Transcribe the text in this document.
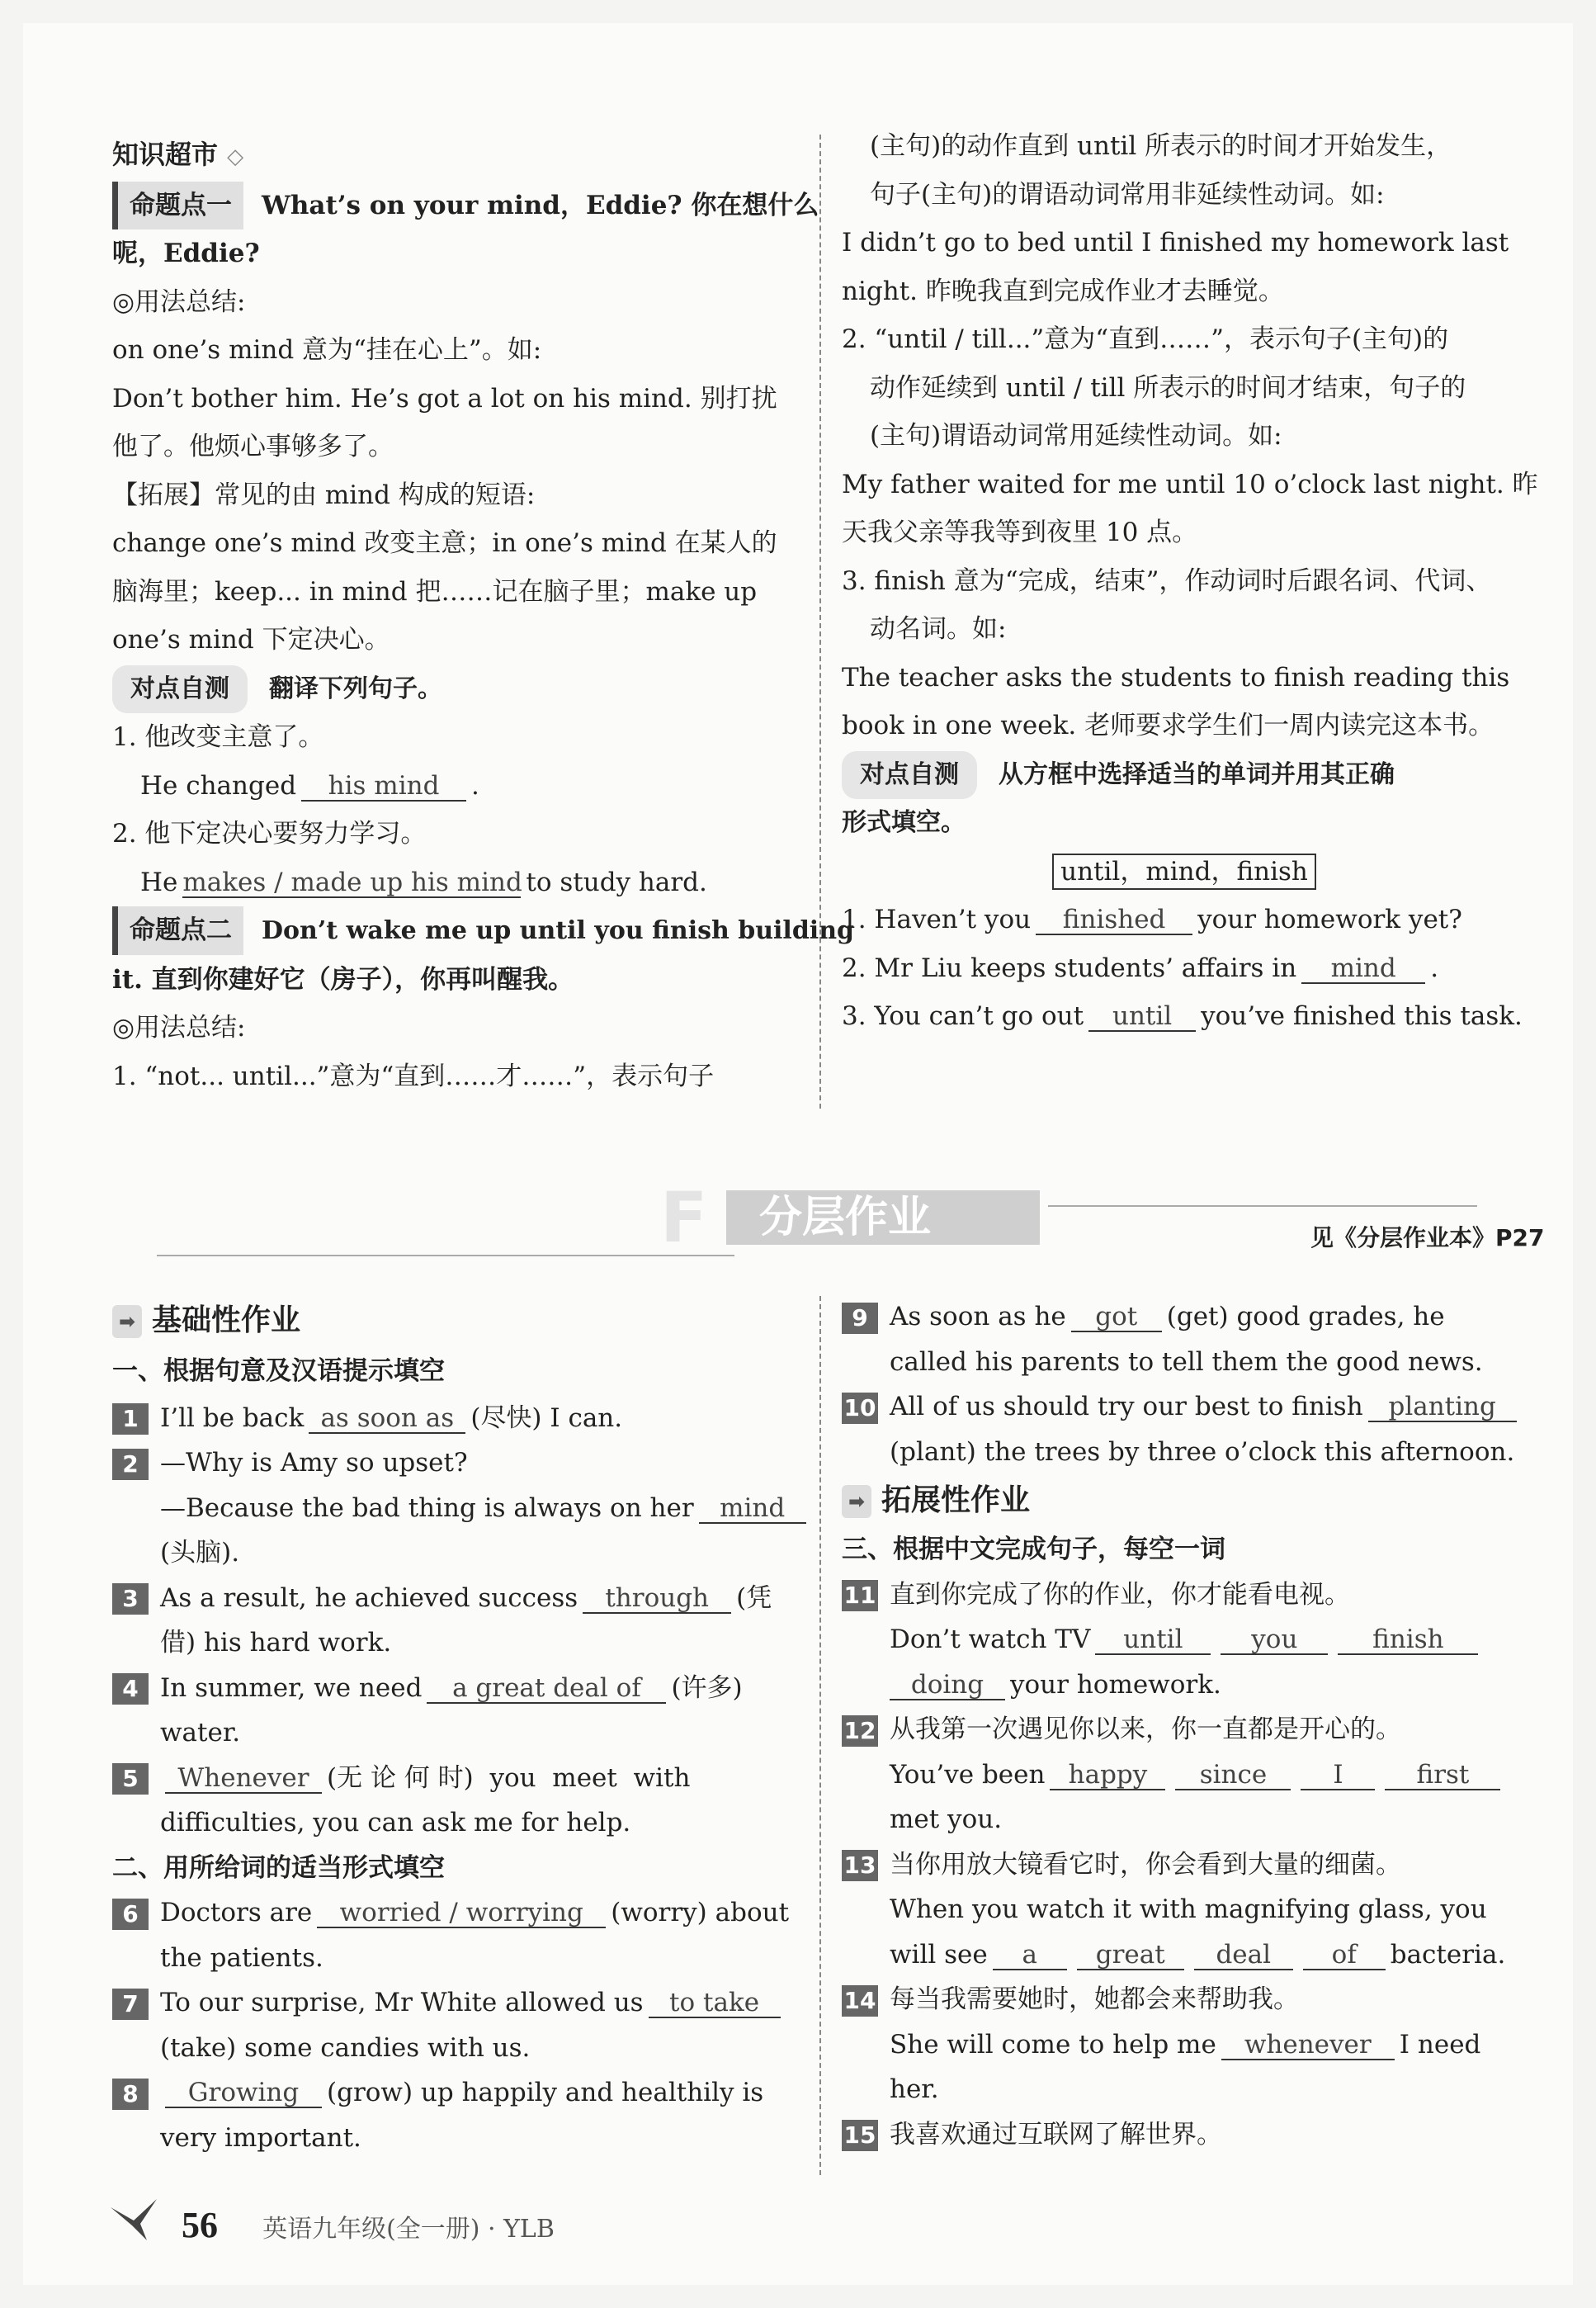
知识超市 ◇
命题点一 What’s on your mind，Eddie? 你在想什么
呢，Eddie?
◎用法总结:
on one’s mind 意为“挂在心上”。如:
Don’t bother him. He’s got a lot on his mind. 别打扰
他了。他烦心事够多了。
【拓展】常见的由 mind 构成的短语:
change one’s mind 改变主意；in one’s mind 在某人的
脑海里；keep... in mind 把……记在脑子里；make up
one’s mind 下定决心。
对点自测 翻译下列句子。
1. 他改变主意了。
He changed his mind .
2. 他下定决心要努力学习。
He makes / made up his mind to study hard.
命题点二 Don’t wake me up until you finish building
it. 直到你建好它（房子），你再叫醒我。
◎用法总结:
1. “not... until...”意为“直到……才……”，表示句子
(主句)的动作直到 until 所表示的时间才开始发生，
句子(主句)的谓语动词常用非延续性动词。如:
I didn’t go to bed until I finished my homework last
night. 昨晚我直到完成作业才去睡觉。
2. “until / till...”意为“直到……”，表示句子(主句)的
动作延续到 until / till 所表示的时间才结束，句子的
(主句)谓语动词常用延续性动词。如:
My father waited for me until 10 o’clock last night. 昨
天我父亲等我等到夜里 10 点。
3. finish 意为“完成，结束”，作动词时后跟名词、代词、
动名词。如:
The teacher asks the students to finish reading this
book in one week. 老师要求学生们一周内读完这本书。
对点自测 从方框中选择适当的单词并用其正确
形式填空。
until，mind，finish
1. Haven’t you finished your homework yet?
2. Mr Liu keeps students’ affairs in mind .
3. You can’t go out until you’ve finished this task.
F 分层作业	见《分层作业本》P27
➡ 基础性作业
一、根据句意及汉语提示填空
1 I’ll be back as soon as (尽快) I can.
2 —Why is Amy so upset?
—Because the bad thing is always on her mind
(头脑).
3 As a result, he achieved success through (凭
借) his hard work.
4 In summer, we need a great deal of (许多)
water.
5 Whenever (无 论 何 时)  you  meet  with
difficulties, you can ask me for help.
二、用所给词的适当形式填空
6 Doctors are worried / worrying (worry) about
the patients.
7 To our surprise, Mr White allowed us to take
(take) some candies with us.
8 Growing (grow) up happily and healthily is
very important.
9 As soon as he got (get) good grades, he
called his parents to tell them the good news.
10 All of us should try our best to finish planting
(plant) the trees by three o’clock this afternoon.
➡ 拓展性作业
三、根据中文完成句子，每空一词
11 直到你完成了你的作业，你才能看电视。
Don’t watch TV until	you	finish
doing your homework.
12 从我第一次遇见你以来，你一直都是开心的。
You’ve been happy since	I	first
met you.
13 当你用放大镜看它时，你会看到大量的细菌。
When you watch it with magnifying glass, you
will see a great deal of bacteria.
14 每当我需要她时，她都会来帮助我。
She will come to help me whenever I need
her.
15 我喜欢通过互联网了解世界。
56 英语九年级(全一册) · YLB
